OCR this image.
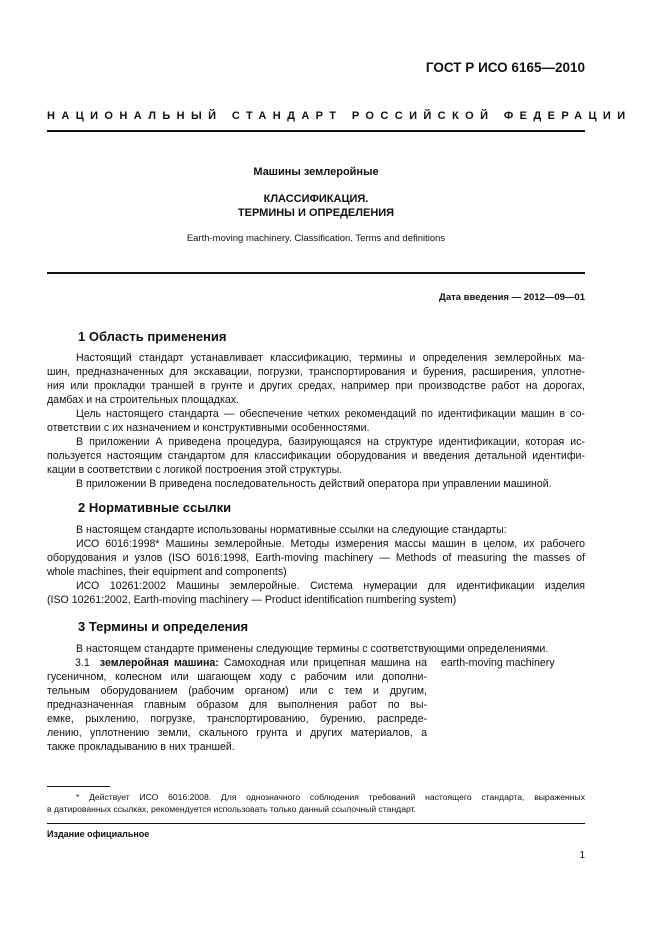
ГОСТ Р ИСО 6165—2010
НАЦИОНАЛЬНЫЙ СТАНДАРТ РОССИЙСКОЙ ФЕДЕРАЦИИ
Машины землеройные
КЛАССИФИКАЦИЯ.
ТЕРМИНЫ И ОПРЕДЕЛЕНИЯ
Earth-moving machinery. Classification. Terms and definitions
Дата введения — 2012—09—01
1 Область применения
Настоящий стандарт устанавливает классификацию, термины и определения землеройных ма-
шин, предназначенных для экскавации, погрузки, транспортирования и бурения, расширения, уплотне-
ния или прокладки траншей в грунте и других средах, например при производстве работ на дорогах,
дамбах и на строительных площадках.
Цель настоящего стандарта — обеспечение четких рекомендаций по идентификации машин в со-
ответствии с их назначением и конструктивными особенностями.
В приложении А приведена процедура, базирующаяся на структуре идентификации, которая ис-
пользуется настоящим стандартом для классификации оборудования и введения детальной идентифи-
кации в соответствии с логикой построения этой структуры.
В приложении В приведена последовательность действий оператора при управлении машиной.
2 Нормативные ссылки
В настоящем стандарте использованы нормативные ссылки на следующие стандарты:
ИСО 6016:1998* Машины землеройные. Методы измерения массы машин в целом, их рабочего
оборудования и узлов (ISO 6016:1998, Earth-moving machinery — Methods of measuring the masses of
whole machines, their equipment and components)
ИСО 10261:2002 Машины землеройные. Система нумерации для идентификации изделия
(ISO 10261:2002, Earth-moving machinery — Product identification numbering system)
3 Термины и определения
В настоящем стандарте применены следующие термины с соответствующими определениями.
3.1 землеройная машина: Самоходная или прицепная машина на
гусеничном, колесном или шагающем ходу с рабочим или дополни-
тельным оборудованием (рабочим органом) или с тем и другим,
предназначенная главным образом для выполнения работ по вы-
емке, рыхлению, погрузке, транспортированию, бурению, распреде-
лению, уплотнению земли, скального грунта и других материалов, а
также прокладыванию в них траншей.
earth-moving machinery
* Действует ИСО 6016:2008. Для однозначного соблюдения требований настоящего стандарта, выраженных
в датированных ссылках, рекомендуется использовать только данный ссылочный стандарт.
Издание официальное
1
